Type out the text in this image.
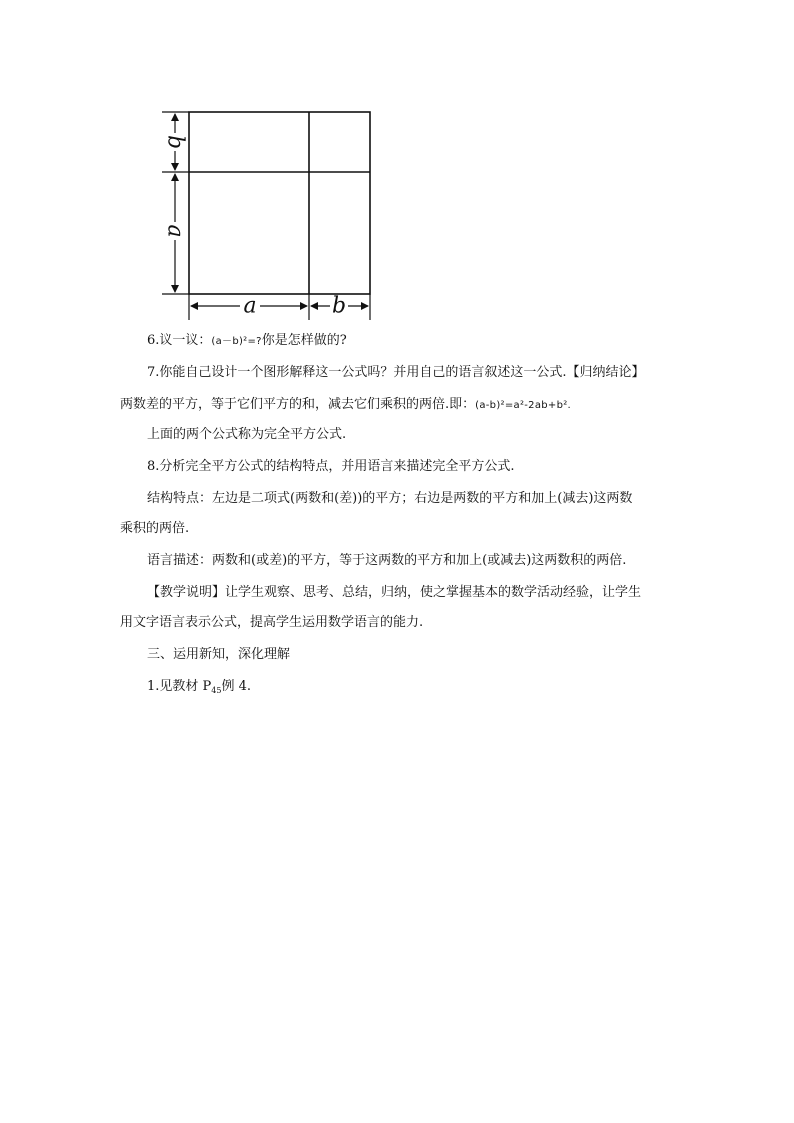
b
a
a	b
6.议一议：(a－b)²=?你是怎样做的?
7.你能自己设计一个图形解释这一公式吗？并用自己的语言叙述这一公式.【归纳结论】
两数差的平方，等于它们平方的和，减去它们乘积的两倍.即：(a-b)²=a²-2ab+b².
上面的两个公式称为完全平方公式.
8.分析完全平方公式的结构特点，并用语言来描述完全平方公式.
结构特点：左边是二项式(两数和(差))的平方；右边是两数的平方和加上(减去)这两数
乘积的两倍.
语言描述：两数和(或差)的平方，等于这两数的平方和加上(或减去)这两数积的两倍.
【教学说明】让学生观察、思考、总结，归纳，使之掌握基本的数学活动经验，让学生
用文字语言表示公式，提高学生运用数学语言的能力.
三、运用新知，深化理解
1.见教材 $P_{45}$例 4.
